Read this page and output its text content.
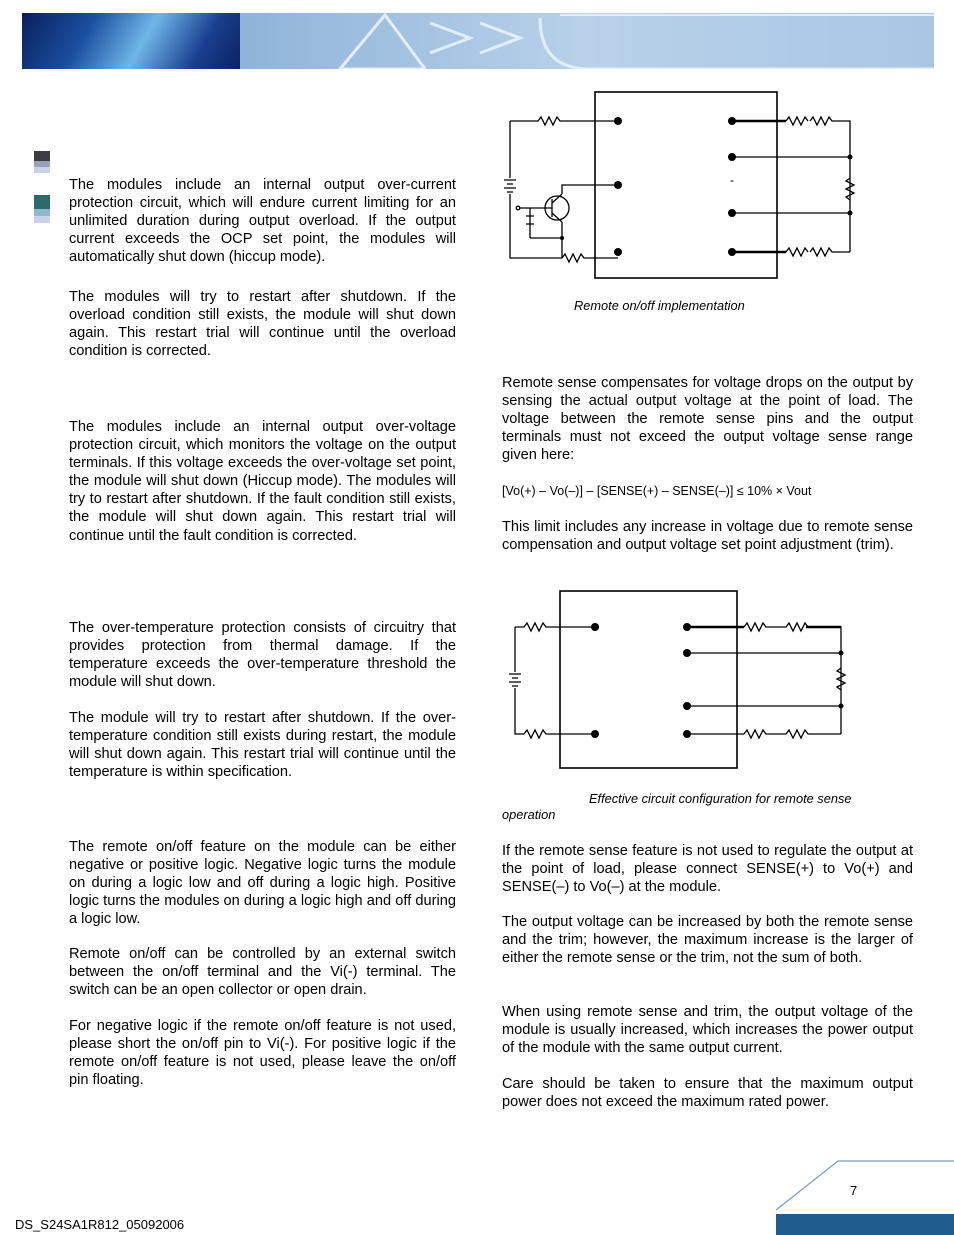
The modules include an internal output over-current protection circuit, which will endure current limiting for an unlimited duration during output overload. If the output current exceeds the OCP set point, the modules will automatically shut down (hiccup mode).

The modules will try to restart after shutdown. If the overload condition still exists, the module will shut down again. This restart trial will continue until the overload condition is corrected.

The modules include an internal output over-voltage protection circuit, which monitors the voltage on the output terminals. If this voltage exceeds the over-voltage set point, the module will shut down (Hiccup mode). The modules will try to restart after shutdown. If the fault condition still exists, the module will shut down again. This restart trial will continue until the fault condition is corrected.

The over-temperature protection consists of circuitry that provides protection from thermal damage. If the temperature exceeds the over-temperature threshold the module will shut down.

The module will try to restart after shutdown. If the over-temperature condition still exists during restart, the module will shut down again. This restart trial will continue until the temperature is within specification.

The remote on/off feature on the module can be either negative or positive logic. Negative logic turns the module on during a logic low and off during a logic high. Positive logic turns the modules on during a logic high and off during a logic low.

Remote on/off can be controlled by an external switch between the on/off terminal and the Vi(-) terminal. The switch can be an open collector or open drain.

For negative logic if the remote on/off feature is not used, please short the on/off pin to Vi(-). For positive logic if the remote on/off feature is not used, please leave the on/off pin floating.

-

Remote on/off implementation

Remote sense compensates for voltage drops on the output by sensing the actual output voltage at the point of load. The voltage between the remote sense pins and the output terminals must not exceed the output voltage sense range given here:

[Vo(+) – Vo(–)] – [SENSE(+) – SENSE(–)] ≤ 10% × Vout

This limit includes any increase in voltage due to remote sense compensation and output voltage set point adjustment (trim).

Effective circuit configuration for remote sense

operation

If the remote sense feature is not used to regulate the output at the point of load, please connect SENSE(+) to Vo(+) and SENSE(–) to Vo(–) at the module.

The output voltage can be increased by both the remote sense and the trim; however, the maximum increase is the larger of either the remote sense or the trim, not the sum of both.

When using remote sense and trim, the output voltage of the module is usually increased, which increases the power output of the module with the same output current.

Care should be taken to ensure that the maximum output power does not exceed the maximum rated power.

7
DS_S24SA1R812_05092006
